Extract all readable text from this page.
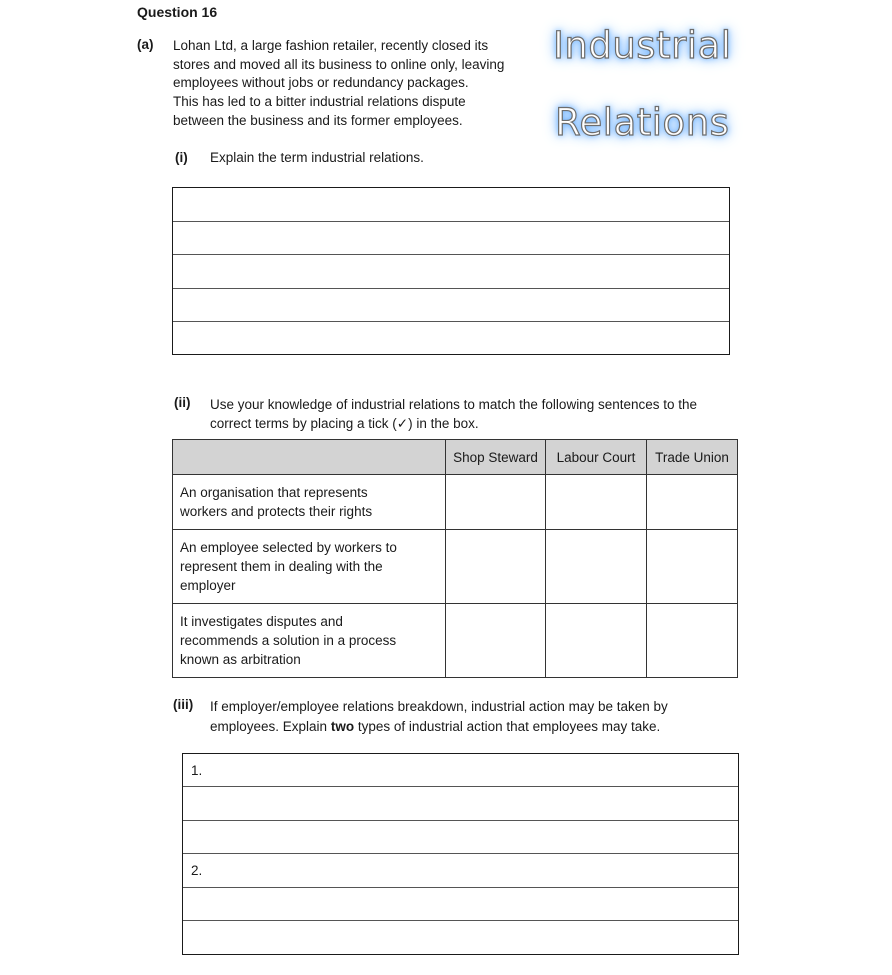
Question 16
(a) Lohan Ltd, a large fashion retailer, recently closed its
stores and moved all its business to online only, leaving
employees without jobs or redundancy packages.
This has led to a bitter industrial relations dispute
between the business and its former employees.
Industrial
Relations
(i) Explain the term industrial relations.
(ii) Use your knowledge of industrial relations to match the following sentences to the
correct terms by placing a tick (✓) in the box.
	Shop Steward	Labour Court	Trade Union

An organisation that represents
workers and protects their rights			

An employee selected by workers to
represent them in dealing with the
employer			

It investigates disputes and
recommends a solution in a process
known as arbitration			

(iii) If employer/employee relations breakdown, industrial action may be taken by
employees. Explain two types of industrial action that employees may take.
1.
2.
